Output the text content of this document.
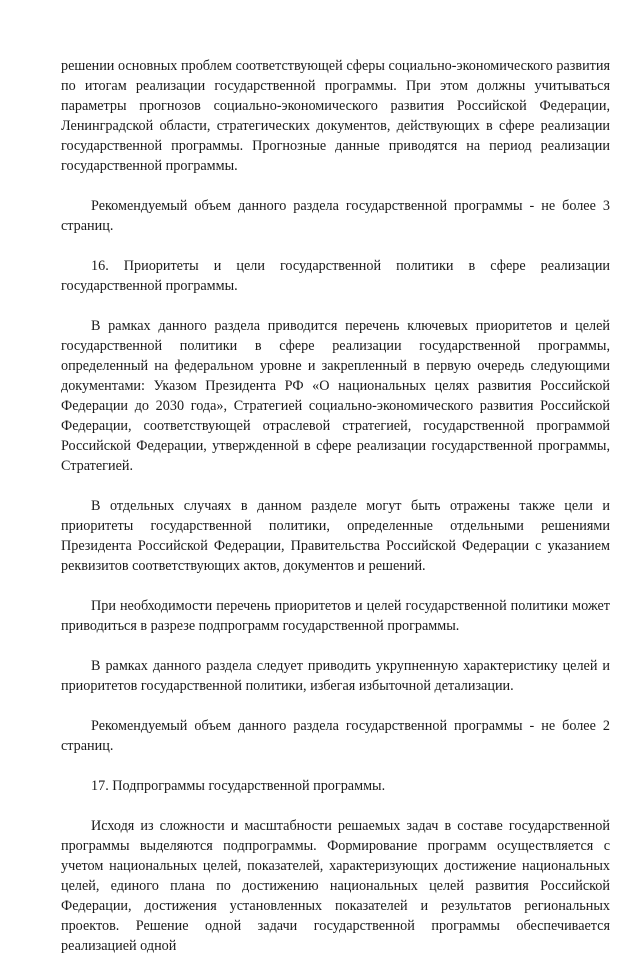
решении основных проблем соответствующей сферы социально-экономического развития по итогам реализации государственной программы. При этом должны учитываться параметры прогнозов социально-экономического развития Российской Федерации, Ленинградской области, стратегических документов, действующих в сфере реализации государственной программы. Прогнозные данные приводятся на период реализации государственной программы.

Рекомендуемый объем данного раздела государственной программы - не более 3 страниц.

16. Приоритеты и цели государственной политики в сфере реализации государственной программы.

В рамках данного раздела приводится перечень ключевых приоритетов и целей государственной политики в сфере реализации государственной программы, определенный на федеральном уровне и закрепленный в первую очередь следующими документами: Указом Президента РФ «О национальных целях развития Российской Федерации до 2030 года», Стратегией социально-экономического развития Российской Федерации, соответствующей отраслевой стратегией, государственной программой Российской Федерации, утвержденной в сфере реализации государственной программы, Стратегией.

В отдельных случаях в данном разделе могут быть отражены также цели и приоритеты государственной политики, определенные отдельными решениями Президента Российской Федерации, Правительства Российской Федерации с указанием реквизитов соответствующих актов, документов и решений.

При необходимости перечень приоритетов и целей государственной политики может приводиться в разрезе подпрограмм государственной программы.

В рамках данного раздела следует приводить укрупненную характеристику целей и приоритетов государственной политики, избегая избыточной детализации.

Рекомендуемый объем данного раздела государственной программы - не более 2 страниц.

17. Подпрограммы государственной программы.

Исходя из сложности и масштабности решаемых задач в составе государственной программы выделяются подпрограммы. Формирование программ осуществляется с учетом национальных целей, показателей, характеризующих достижение национальных целей, единого плана по достижению национальных целей развития Российской Федерации, достижения установленных показателей и результатов региональных проектов. Решение одной задачи государственной программы обеспечивается реализацией одной
